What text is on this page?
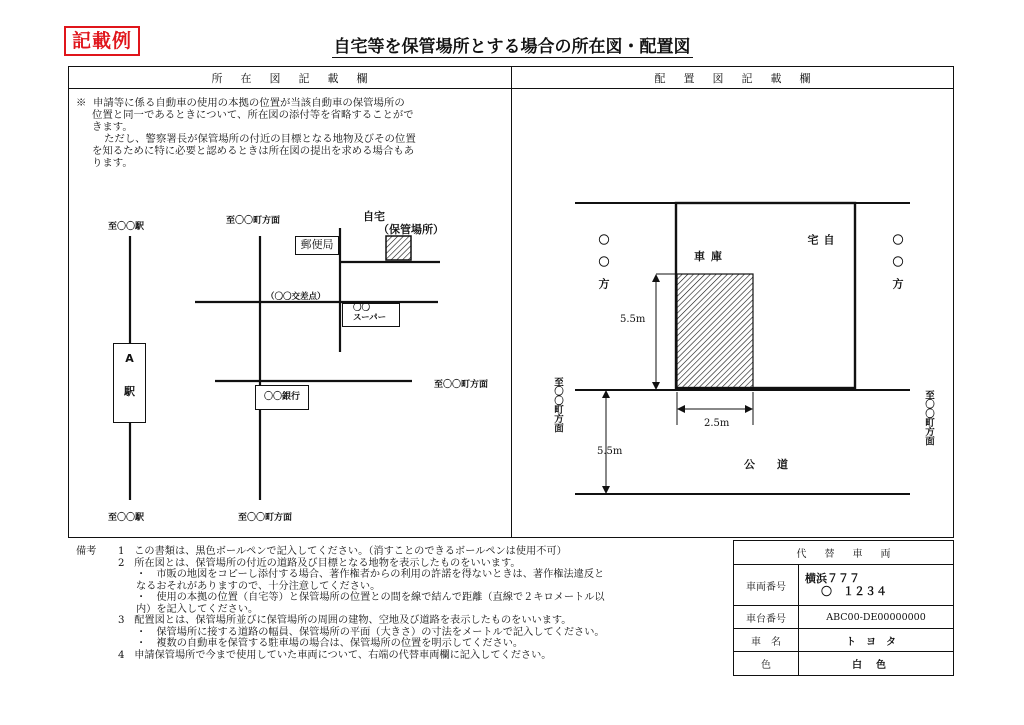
記載例	自宅等を保管場所とする場合の所在図・配置図
所在図記載欄	配置図記載欄
※ 申請等に係る自動車の使用の本拠の位置が当該自動車の保管場所の
位置と同一であるときについて、所在図の添付等を省略することがで
きます。
ただし、警察署長が保管場所の付近の目標となる地物及びその位置
を知るために特に必要と認めるときは所在図の提出を求める場合もあ
ります。
至〇〇駅
至〇〇町方面	自宅
（保管場所）
郵便局
（〇〇交差点）
〇〇
スーパー
A
駅	〇〇銀行
至〇〇町方面
至〇〇駅	至〇〇町方面
車庫	自宅
〇〇方	〇〇方
5.5m
2.5m
5.5m
公道
至〇〇町方面	至〇〇町方面
備考 1 この書類は、黒色ボールペンで記入してください。（消すことのできるボールペンは使用不可）
2 所在図とは、保管場所の付近の道路及び目標となる地物を表示したものをいいます。
・　市販の地図をコピーし添付する場合、著作権者からの利用の許諾を得ないときは、著作権法違反と
なるおそれがありますので、十分注意してください。
・　使用の本拠の位置（自宅等）と保管場所の位置との間を線で結んで距離（直線で２キロメートル以
内）を記入してください。
3 配置図とは、保管場所並びに保管場所の周囲の建物、空地及び道路を表示したものをいいます。
・　保管場所に接する道路の幅員、保管場所の平面（大きさ）の寸法をメートルで記入してください。
・　複数の自動車を保管する駐車場の場合は、保管場所の位置を明示してください。
4 申請保管場所で今まで使用していた車両について、右端の代替車両欄に記入してください。
代替車両	
車両番号	横浜７７７
〇　１２３４

車台番号	ABC00-DE00000000
車名	トヨタ
色	白色
